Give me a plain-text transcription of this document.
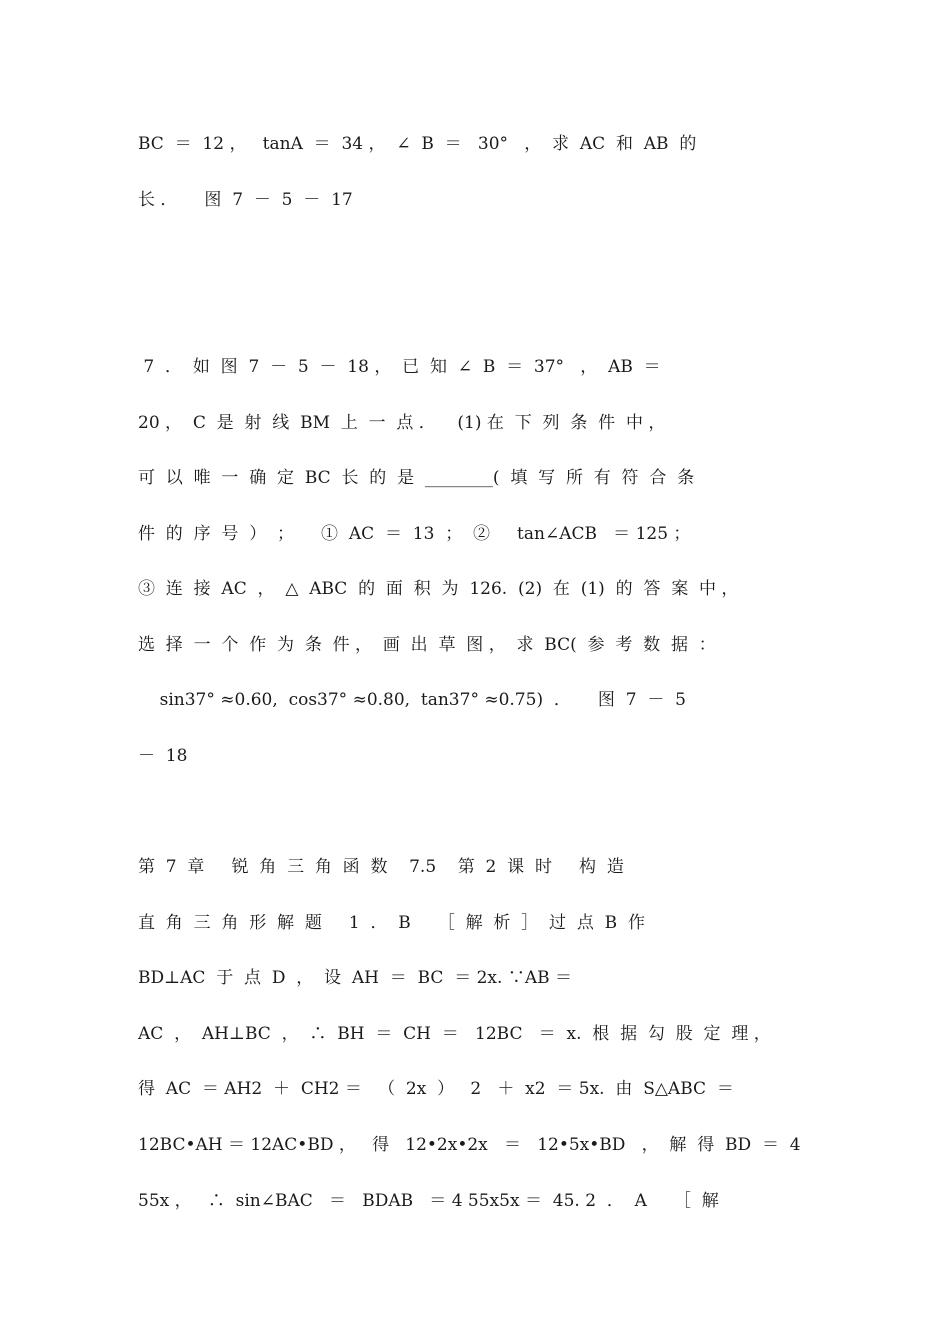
BC  ＝  12 ，   tanA  ＝  34 ，  ∠  B  ＝   30°   ，  求  AC  和  AB  的
长 ．     图  7  －  5  －  17
7  ．  如  图  7  －  5  －  18 ，  已  知  ∠  B  ＝  37°   ，  AB  ＝
20 ，  C  是  射  线  BM  上  一  点 ．    (1) 在  下  列  条  件  中 ，
可  以  唯  一  确  定  BC  长  的  是  ________(  填  写  所  有  符  合  条
件  的  序  号  ）  ；     ①  AC  ＝  13  ；  ②     tan∠ACB   ＝ 125 ；
③  连  接  AC  ，  △  ABC  的  面  积  为  126.  (2)  在  (1)  的  答  案  中 ，
选  择  一  个  作  为  条  件 ，  画  出  草  图 ，  求  BC(  参  考  数  据  ：
sin37° ≈0.60,  cos37° ≈0.80,  tan37° ≈0.75)  ．     图  7  －  5
－  18
第  7  章     锐  角  三  角  函  数    7.5    第  2  课  时     构  造
直  角  三  角  形  解  题     1  ．  B     ［  解  析  ］  过  点  B  作
BD⊥AC  于  点  D  ，  设  AH  ＝  BC  ＝ 2x. ∵AB ＝
AC  ，  AH⊥BC  ，  ∴  BH  ＝  CH  ＝   12BC   ＝  x.  根  据  勾  股  定  理 ，
得  AC  ＝ AH2  ＋  CH2 ＝   （  2x  ）   2   ＋  x2  ＝ 5x.  由  S△ABC  ＝
12BC•AH ＝ 12AC•BD ，   得   12•2x•2x   ＝   12•5x•BD   ，  解  得  BD  ＝  4
55x ，   ∴  sin∠BAC   ＝   BDAB   ＝ 4 55x5x ＝  45. 2  ．  A     ［  解
